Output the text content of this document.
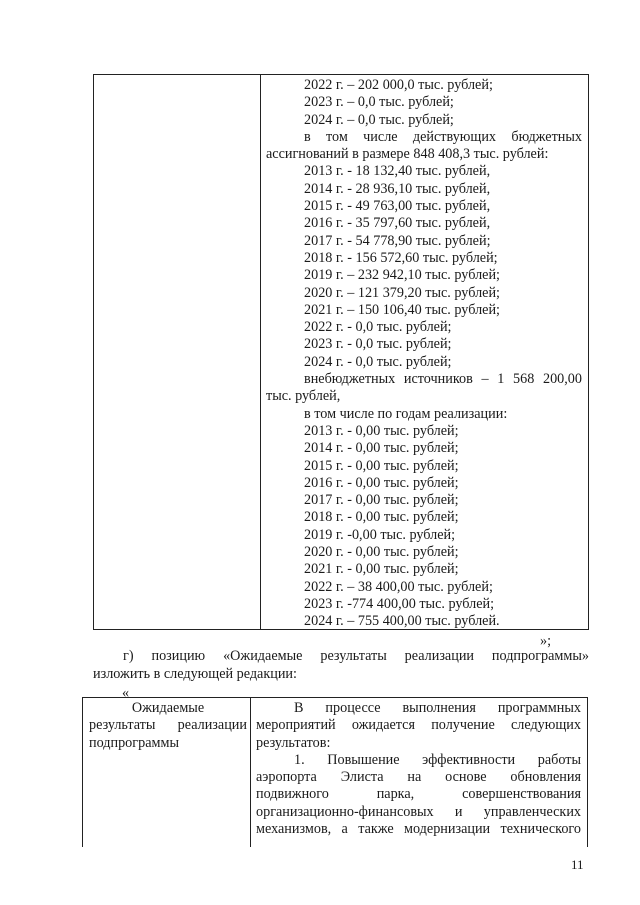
2022 г. – 202 000,0 тыс. рублей;
2023 г. – 0,0 тыс. рублей;
2024 г. – 0,0 тыс. рублей;
в том числе действующих бюджетных
ассигнований в размере 848 408,3 тыс. рублей:
2013 г. - 18 132,40 тыс. рублей,
2014 г. - 28 936,10 тыс. рублей,
2015 г. - 49 763,00 тыс. рублей,
2016 г. - 35 797,60 тыс. рублей,
2017 г. - 54 778,90 тыс. рублей;
2018 г. - 156 572,60 тыс. рублей;
2019 г. – 232 942,10 тыс. рублей;
2020 г. – 121 379,20 тыс. рублей;
2021 г. – 150 106,40 тыс. рублей;
2022 г. - 0,0 тыс. рублей;
2023 г. - 0,0 тыс. рублей;
2024 г. - 0,0 тыс. рублей;
внебюджетных источников – 1 568 200,00
тыс. рублей,
в том числе по годам реализации:
2013 г. - 0,00 тыс. рублей;
2014 г. - 0,00 тыс. рублей;
2015 г. - 0,00 тыс. рублей;
2016 г. - 0,00 тыс. рублей;
2017 г. - 0,00 тыс. рублей;
2018 г. - 0,00 тыс. рублей;
2019 г. -0,00 тыс. рублей;
2020 г. - 0,00 тыс. рублей;
2021 г. - 0,00 тыс. рублей;
2022 г. – 38 400,00 тыс. рублей;
2023 г. -774 400,00 тыс. рублей;
2024 г. – 755 400,00 тыс. рублей.
»;
г) позицию «Ожидаемые результаты реализации подпрограммы»
изложить в следующей редакции:
«
Ожидаемые
результаты реализации
подпрограммы
В процессе выполнения программных
мероприятий ожидается получение следующих
результатов:
1. Повышение эффективности работы
аэропорта Элиста на основе обновления
подвижного парка, совершенствования
организационно-финансовых и управленческих
механизмов, а также модернизации технического
11
